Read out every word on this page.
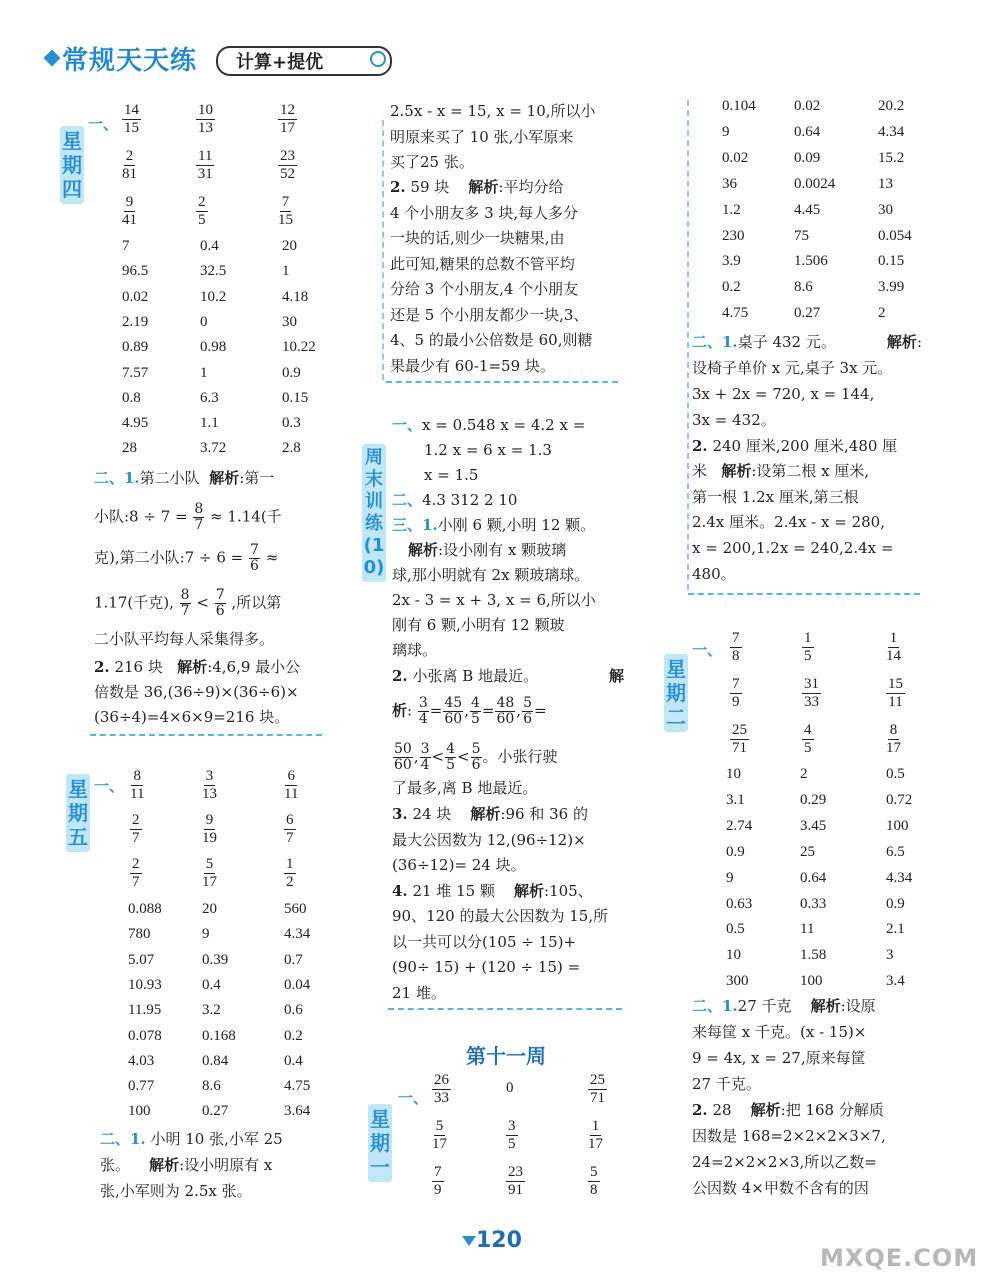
常规天天练 计算+提优
星期四
一、 $\frac{14}{15}$	$\frac{10}{13}$	$\frac{12}{17}$
$\frac{2}{81}$	$\frac{11}{31}$	$\frac{23}{52}$
$\frac{9}{41}$	$\frac{2}{5}$	$\frac{7}{15}$
7	0.4	20
96.5	32.5	1
0.02	10.2	4.18
2.19	0	30
0.89	0.98	10.22
7.57	1	0.9
0.8	6.3	0.15
4.95	1.1	0.3
28	3.72	2.8
二、1.第二小队 解析:第一
小队:8 ÷ $7 = \frac{8}{7} \approx 1.14$(千
克),第二小队:7 ÷ $6 = \frac{7}{6}$ ≈
1.17(千克), $\frac{8}{7} < \frac{7}{6}$ ,所以第
二小队平均每人采集得多。
2. 216 块 解析:4,6,9 最小公
倍数是 36,(36÷9)×(36÷6)×
(36÷4)=4×6×9=216 块。
星期五
一、 $\frac{8}{11}$	$\frac{3}{13}$	$\frac{6}{11}$
$\frac{2}{7}$	$\frac{9}{19}$	$\frac{6}{7}$
$\frac{2}{7}$	$\frac{5}{17}$	$\frac{1}{2}$
0.088	20	560
780	9	4.34
5.07	0.39	0.7
10.93	0.4	0.04
11.95	3.2	0.6
0.078	0.168	0.2
4.03	0.84	0.4
0.77	8.6	4.75
100	0.27	3.64
二、1. 小明 10 张,小军 25
张。 解析:设小明原有 x
张,小军则为 2.5x 张。
2.5x - x = 15, x = 10,所以小
明原来买了 10 张,小军原来
买了25 张。
2. 59 块 解析:平均分给
4 个小朋友多 3 块,每人多分
一块的话,则少一块糖果,由
此可知,糖果的总数不管平均
分给 3 个小朋友,4 个小朋友
还是 5 个小朋友都少一块,3、
4、5 的最小公倍数是 60,则糖
果最少有 60-1=59 块。
周末训练(10)
一、x = 0.548 x = 4.2 x =
1.2 x = 6 x = 1.3
x = 1.5
二、4.3 312 2 10
三、1.小刚 6 颗,小明 12 颗。
解析:设小刚有 x 颗玻璃
球,那小明就有 2x 颗玻璃球。
2x - 3 = x + 3, x = 6,所以小
刚有 6 颗,小明有 12 颗玻
璃球。
2. 小张离 B 地最近。	解
析: $\frac{3}{4} = \frac{45}{60}$ , $\frac{4}{5} = \frac{48}{60}$ , $\frac{5}{6}$ =
$\frac{50}{60}$ , $\frac{3}{4} < \frac{4}{5} < \frac{5}{6}$ 。小张行驶
了最多,离 B 地最近。
3. 24 块 解析:96 和 36 的
最大公因数为 12,(96÷12)×
(36÷12)= 24 块。
4. 21 堆 15 颗 解析:105、
90、120 的最大公因数为 15,所
以一共可以分(105 ÷ 15)+
(90÷ 15) + (120 ÷ 15) =
21 堆。
第十一周
星期一
一、 $\frac{26}{33}$	0	$\frac{25}{71}$
$\frac{5}{17}$	$\frac{3}{5}$	$\frac{1}{17}$
$\frac{7}{9}$	$\frac{23}{91}$	$\frac{5}{8}$
0.104	0.02	20.2
9	0.64	4.34
0.02	0.09	15.2
36	0.0024	13
1.2	4.45	30
230	75	0.054
3.9	1.506	0.15
0.2	8.6	3.99
4.75	0.27	2
二、1.桌子 432 元。	解析:
设椅子单价 x 元,桌子 3x 元。
3x + 2x = 720, x = 144,
3x = 432。
2. 240 厘米,200 厘米,480 厘
米 解析:设第二根 x 厘米,
第一根 1.2x 厘米,第三根
2.4x 厘米。2.4x - x = 280,
x = 200,1.2x = 240,2.4x =
480。
星期二
一、 $\frac{7}{8}$	$\frac{1}{5}$	$\frac{1}{14}$
$\frac{7}{9}$	$\frac{31}{33}$	$\frac{15}{11}$
$\frac{25}{71}$	$\frac{4}{5}$	$\frac{8}{17}$
10	2	0.5
3.1	0.29	0.72
2.74	3.45	100
0.9	25	6.5
9	0.64	4.34
0.63	0.33	0.9
0.5	11	2.1
10	1.58	3
300	100	3.4
二、1.27 千克 解析:设原
来每筐 x 千克。(x - 15)×
9 = 4x, x = 27,原来每筐
27 千克。
2. 28 解析:把 168 分解质
因数是 168=2×2×2×3×7,
24=2×2×2×3,所以乙数=
公因数 4×甲数不含有的因
120
MXQE.COM
